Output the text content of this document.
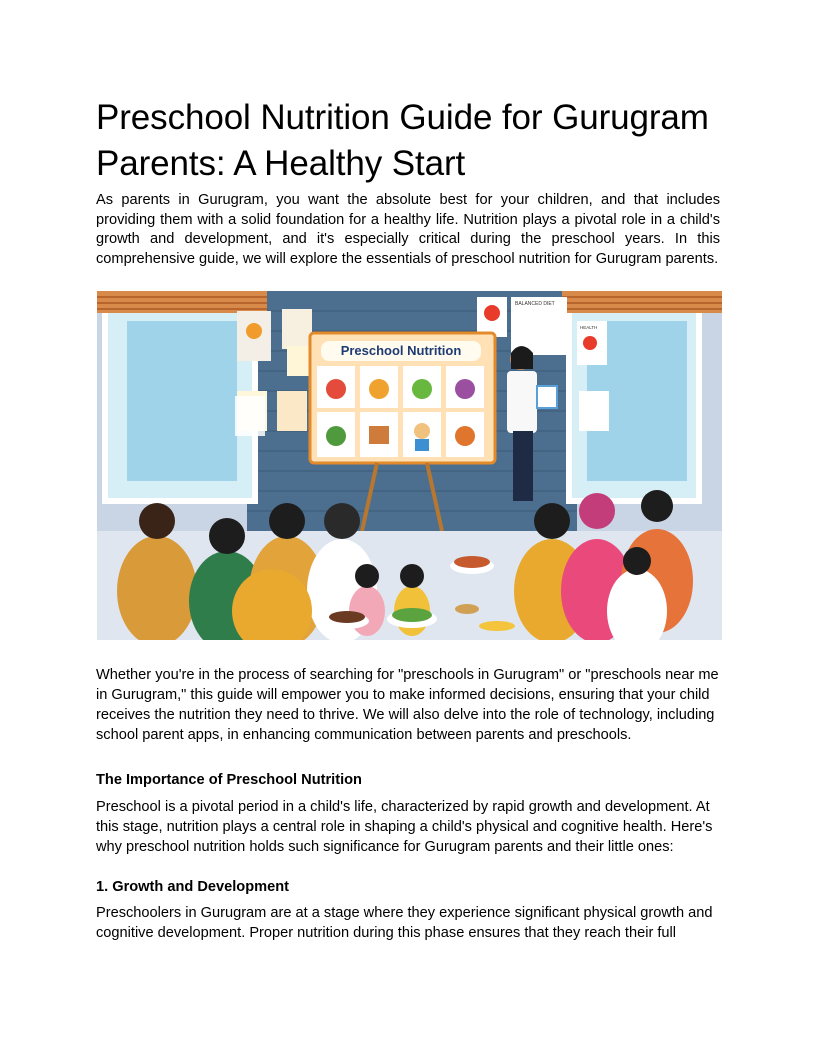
Preschool Nutrition Guide for Gurugram Parents: A Healthy Start

As parents in Gurugram, you want the absolute best for your children, and that includes providing them with a solid foundation for a healthy life. Nutrition plays a pivotal role in a child's growth and development, and it's especially critical during the preschool years. In this comprehensive guide, we will explore the essentials of preschool nutrition for Gurugram parents.

BALANCED DIET
HEALTH
Preschool Nutrition

Whether you're in the process of searching for "preschools in Gurugram" or "preschools near me in Gurugram," this guide will empower you to make informed decisions, ensuring that your child receives the nutrition they need to thrive. We will also delve into the role of technology, including school parent apps, in enhancing communication between parents and preschools.

The Importance of Preschool Nutrition

Preschool is a pivotal period in a child's life, characterized by rapid growth and development. At this stage, nutrition plays a central role in shaping a child's physical and cognitive health. Here's why preschool nutrition holds such significance for Gurugram parents and their little ones:

1. Growth and Development

Preschoolers in Gurugram are at a stage where they experience significant physical growth and cognitive development. Proper nutrition during this phase ensures that they reach their full
